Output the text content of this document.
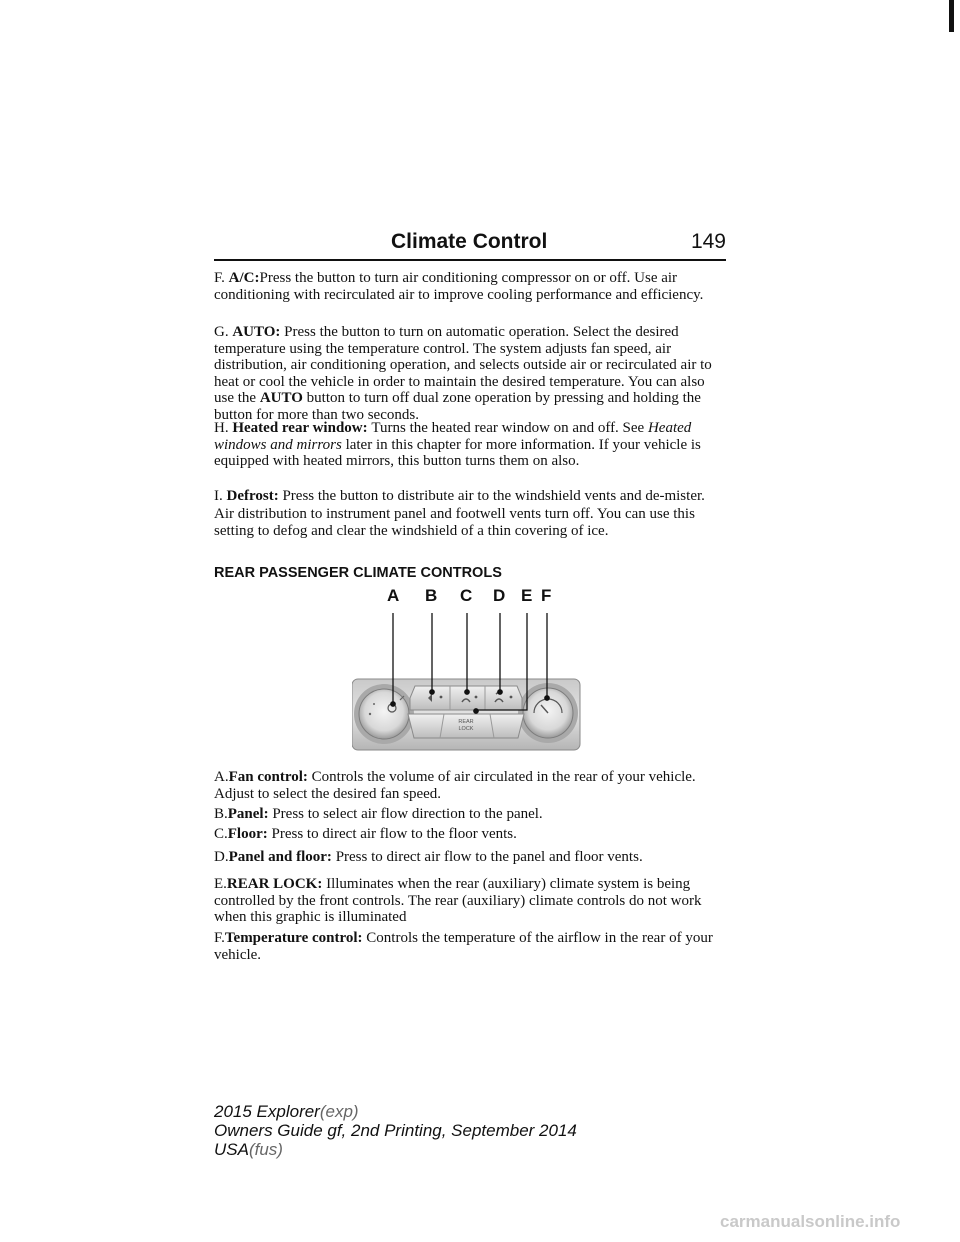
Climate Control	149
F. A/C:Press the button to turn air conditioning compressor on or off. Use air conditioning with recirculated air to improve cooling performance and efficiency.
G. AUTO: Press the button to turn on automatic operation. Select the desired temperature using the temperature control. The system adjusts fan speed, air distribution, air conditioning operation, and selects outside air or recirculated air to heat or cool the vehicle in order to maintain the desired temperature. You can also use the AUTO button to turn off dual zone operation by pressing and holding the button for more than two seconds.
H. Heated rear window: Turns the heated rear window on and off. See Heated windows and mirrors later in this chapter for more information. If your vehicle is equipped with heated mirrors, this button turns them on also.
I. Defrost: Press the button to distribute air to the windshield vents and de-mister. Air distribution to instrument panel and footwell vents turn off. You can use this setting to defog and clear the windshield of a thin covering of ice.
REAR PASSENGER CLIMATE CONTROLS
A B C D E F
REAR
LOCK
A.Fan control: Controls the volume of air circulated in the rear of your vehicle. Adjust to select the desired fan speed.
B.Panel: Press to select air flow direction to the panel.
C.Floor: Press to direct air flow to the floor vents.
D.Panel and floor: Press to direct air flow to the panel and floor vents.
E.REAR LOCK: Illuminates when the rear (auxiliary) climate system is being controlled by the front controls. The rear (auxiliary) climate controls do not work when this graphic is illuminated
F.Temperature control: Controls the temperature of the airflow in the rear of your vehicle.
2015 Explorer(exp)
Owners Guide gf, 2nd Printing, September 2014
USA(fus)
carmanualsonline.info
